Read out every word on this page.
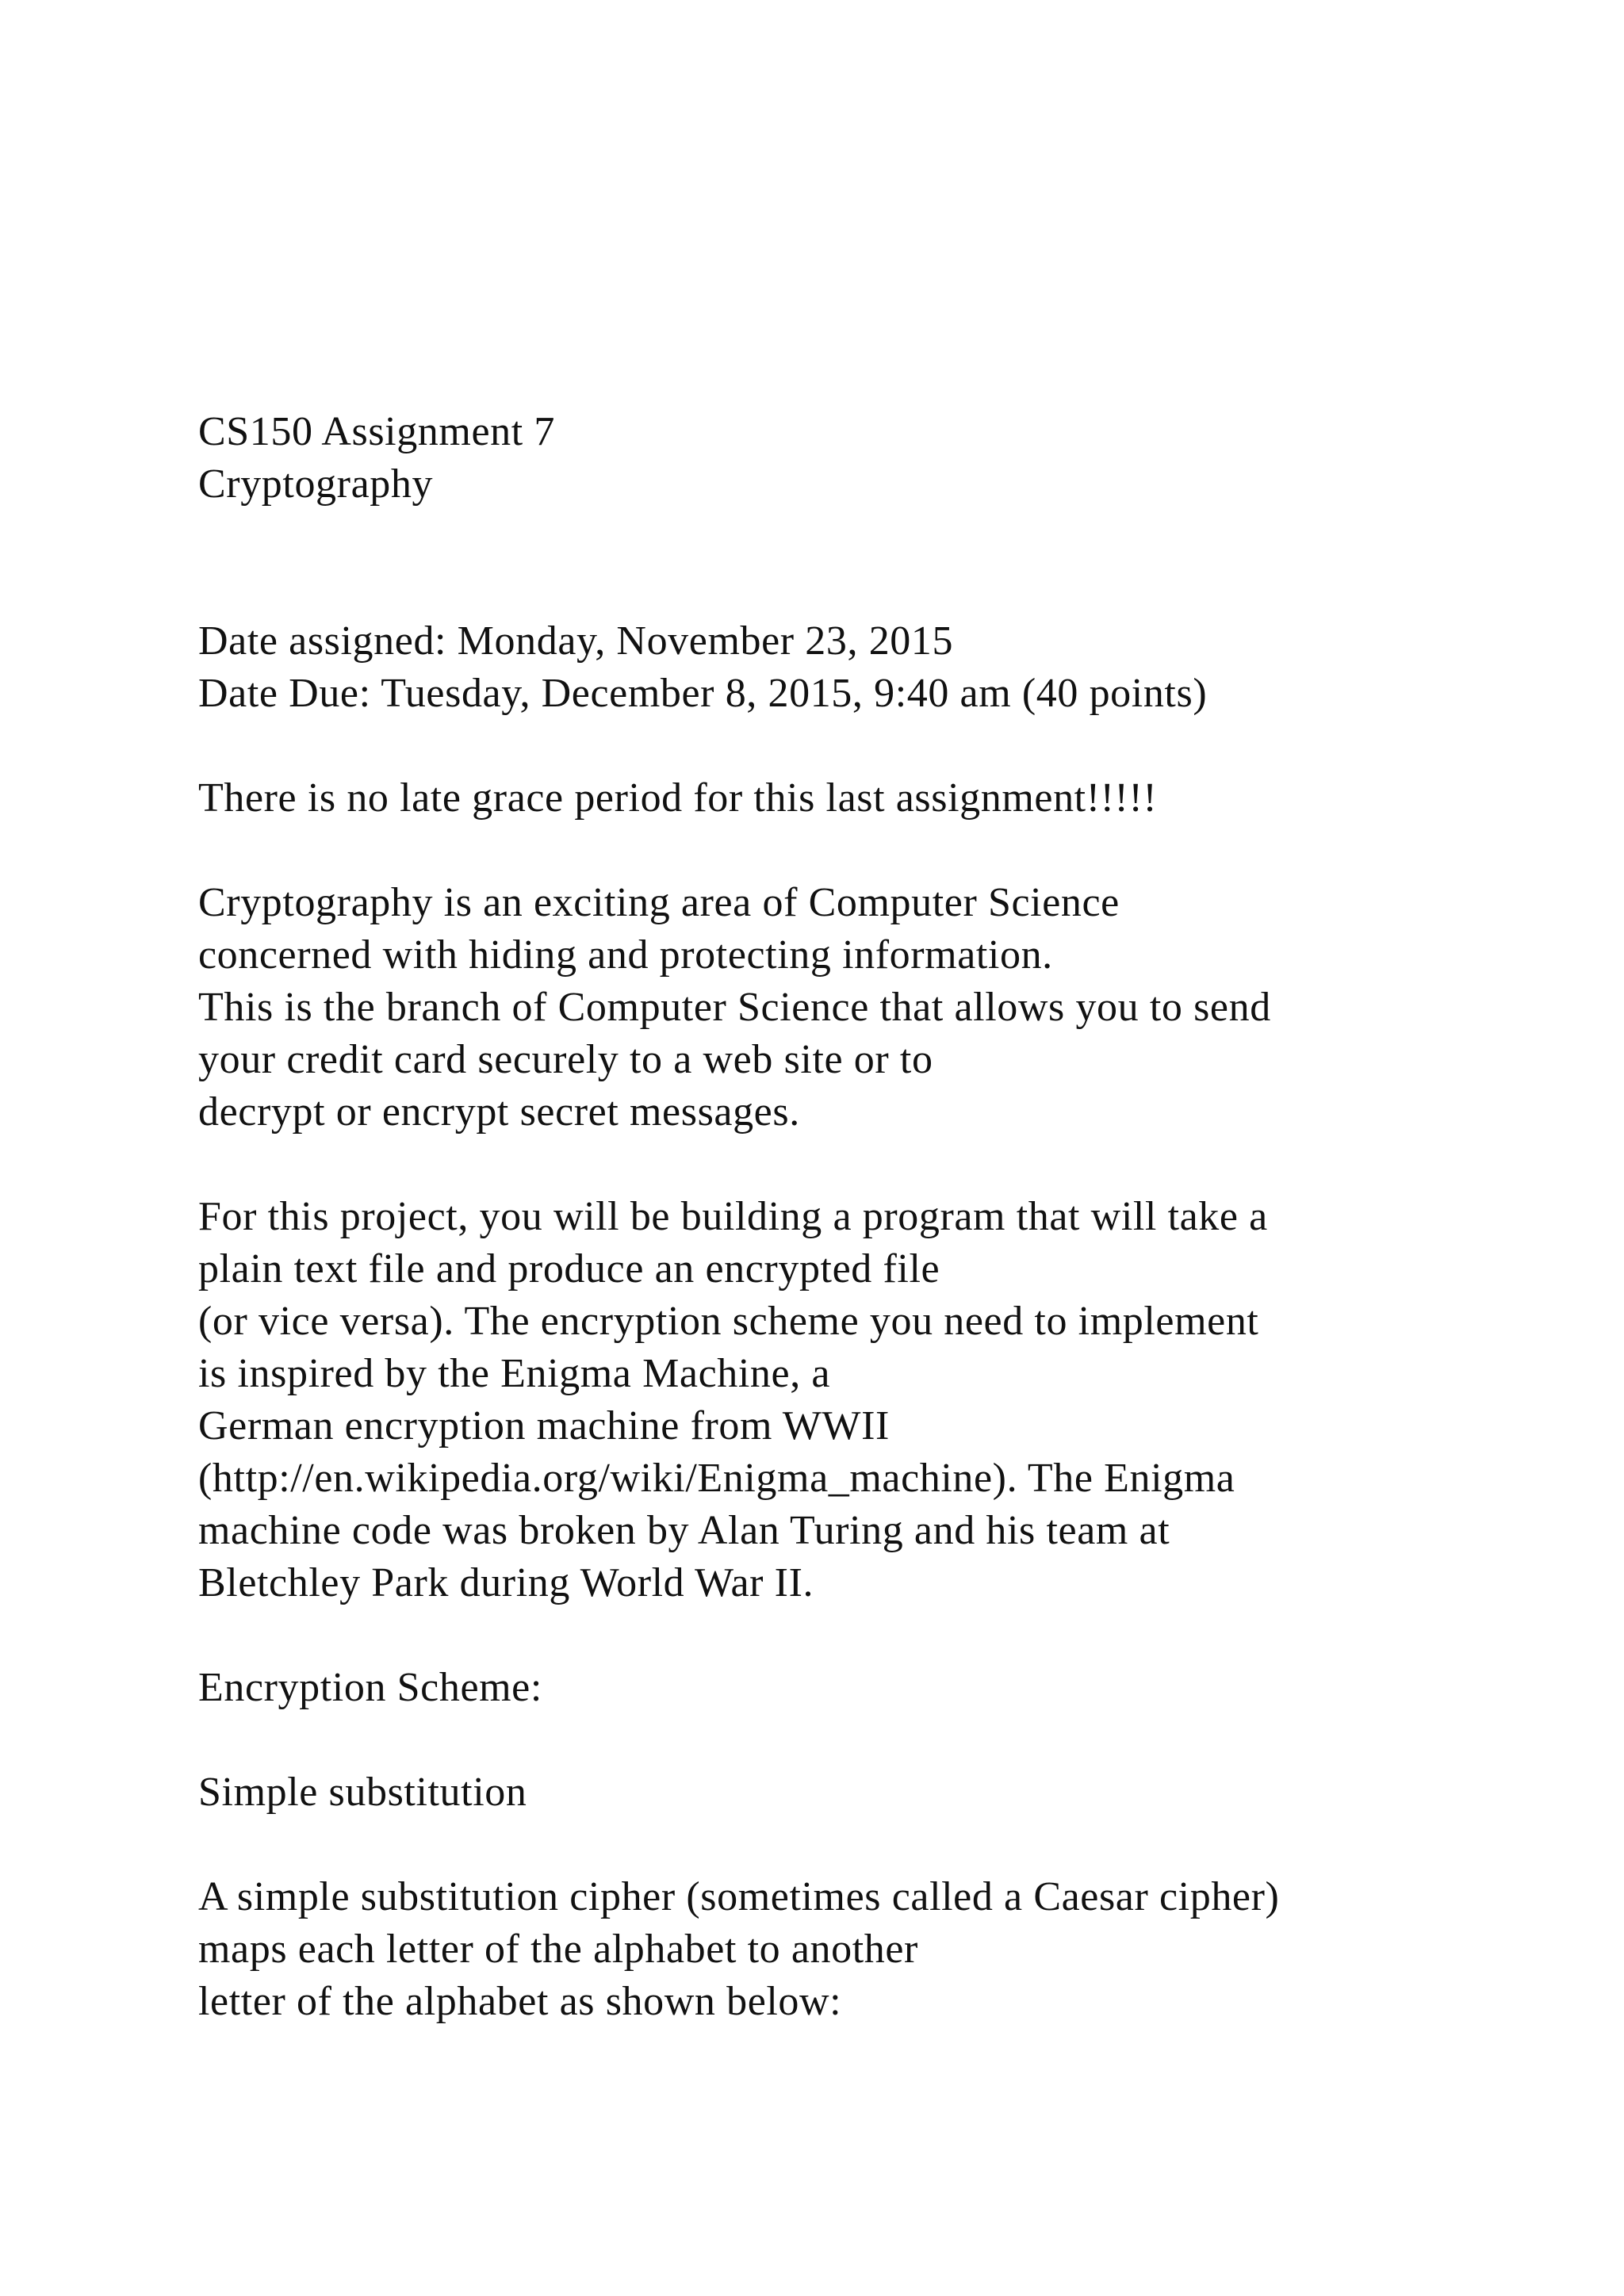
CS150 Assignment 7
Cryptography
Date assigned: Monday, November 23, 2015
Date Due: Tuesday, December 8, 2015, 9:40 am (40 points)
There is no late grace period for this last assignment!!!!!
Cryptography is an exciting area of Computer Science
concerned with hiding and protecting information.
This is the branch of Computer Science that allows you to send
your credit card securely to a web site or to
decrypt or encrypt secret messages.
For this project, you will be building a program that will take a
plain text file and produce an encrypted file
(or vice versa). The encryption scheme you need to implement
is inspired by the Enigma Machine, a
German encryption machine from WWII
(http://en.wikipedia.org/wiki/Enigma_machine). The Enigma
machine code was broken by Alan Turing and his team at
Bletchley Park during World War II.
Encryption Scheme:
Simple substitution
A simple substitution cipher (sometimes called a Caesar cipher)
maps each letter of the alphabet to another
letter of the alphabet as shown below:
